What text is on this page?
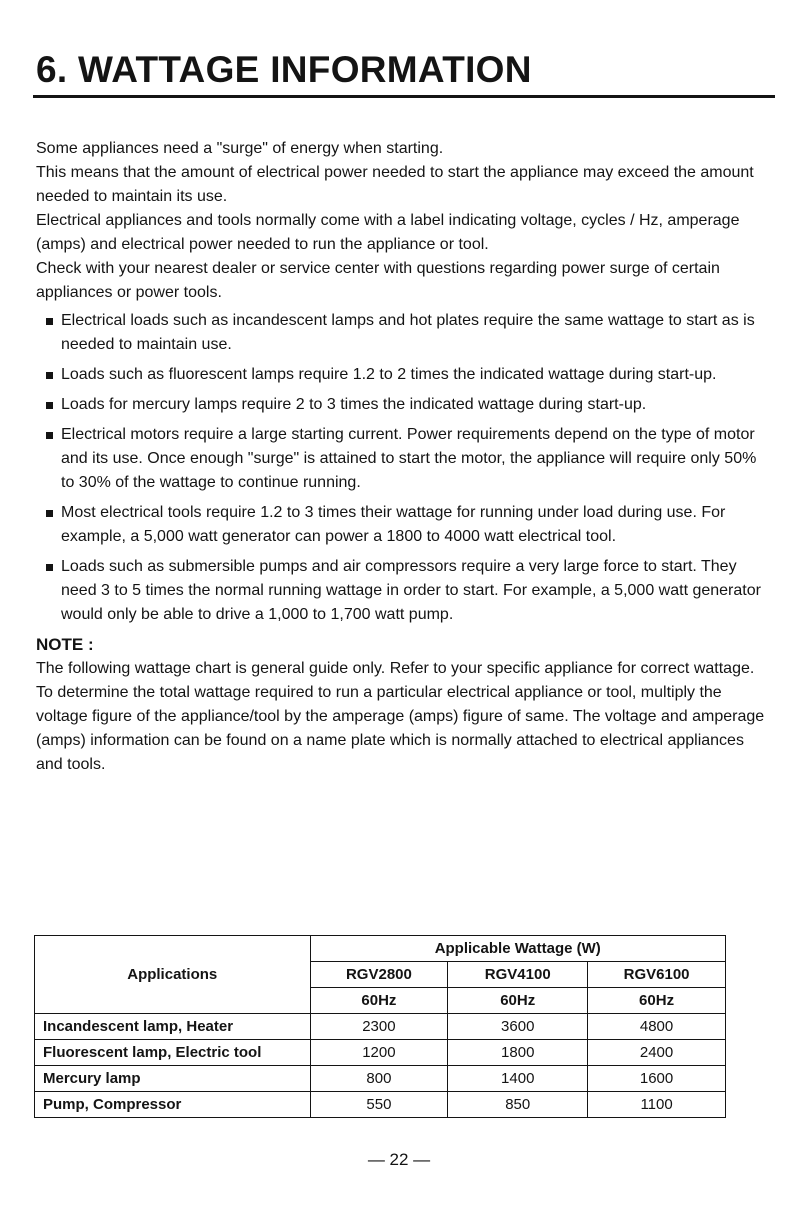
6. WATTAGE INFORMATION

Some appliances need a "surge" of energy when starting.

This means that the amount of electrical power needed to start the appliance may exceed the amount needed to maintain its use.

Electrical appliances and tools normally come with a label indicating voltage, cycles / Hz, amperage (amps) and electrical power needed to run the appliance or tool.

Check with your nearest dealer or service center with questions regarding power surge of certain appliances or power tools.

Electrical loads such as incandescent lamps and hot plates require the same wattage to start as is needed to maintain use.
Loads such as fluorescent lamps require 1.2 to 2 times the indicated wattage during start-up.
Loads for mercury lamps require 2 to 3 times the indicated wattage during start-up.
Electrical motors require a large starting current. Power requirements depend on the type of motor and its use. Once enough "surge" is attained to start the motor, the appliance will require only 50% to 30% of the wattage to continue running.
Most electrical tools require 1.2 to 3 times their wattage for running under load during use. For example, a 5,000 watt generator can power a 1800 to 4000 watt electrical tool.
Loads such as submersible pumps and air compressors require a very large force to start. They need 3 to 5 times the normal running wattage in order to start. For example, a 5,000 watt generator would only be able to drive a 1,000 to 1,700 watt pump.
NOTE :

The following wattage chart is general guide only. Refer to your specific appliance for correct wattage.

To determine the total wattage required to run a particular electrical appliance or tool, multiply the voltage figure of the appliance/tool by the amperage (amps) figure of same. The voltage and amperage (amps) information can be found on a name plate which is normally attached to electrical appliances and tools.

Applications	Applicable Wattage (W)		
	RGV2800	RGV4100	RGV6100
	60Hz	60Hz	60Hz
Incandescent lamp, Heater	2300	3600	4800
Fluorescent lamp, Electric tool	1200	1800	2400
Mercury lamp	800	1400	1600
Pump, Compressor	550	850	1100
— 22 —
